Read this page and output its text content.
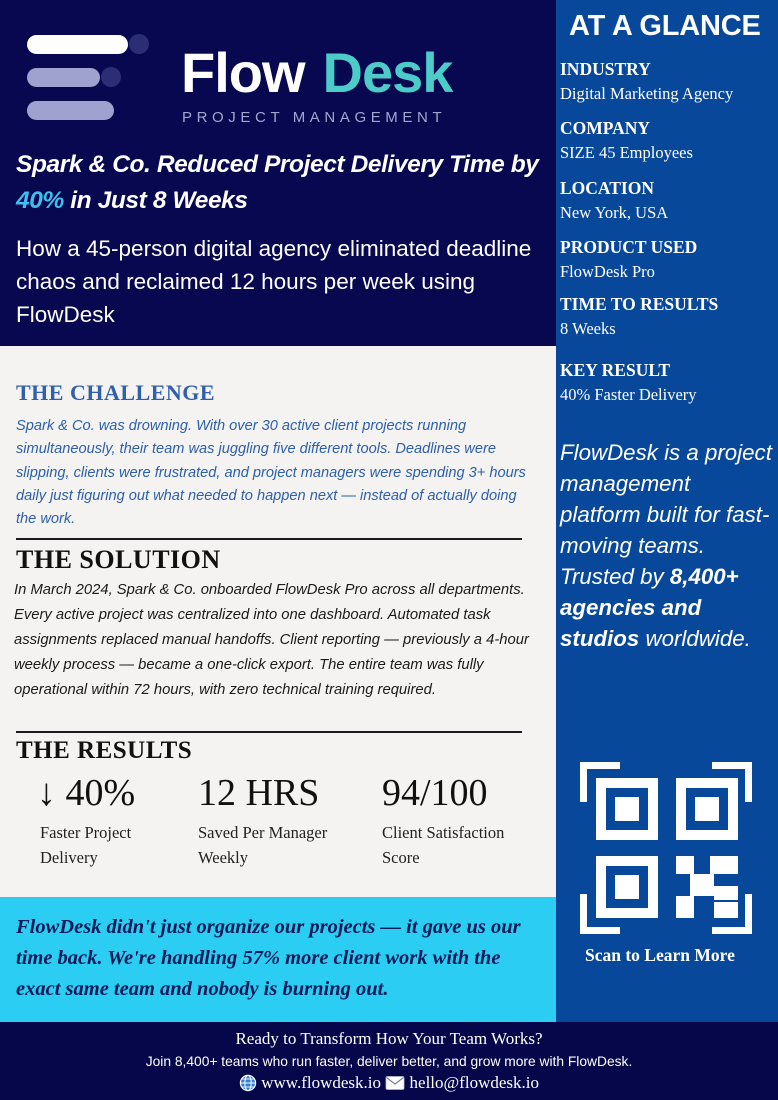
Flow Desk
PROJECT MANAGEMENT
Spark & Co. Reduced Project Delivery Time by 40% in Just 8 Weeks
How a 45-person digital agency eliminated deadline chaos and reclaimed 12 hours per week using FlowDesk
THE CHALLENGE
Spark & Co. was drowning. With over 30 active client projects running simultaneously, their team was juggling five different tools. Deadlines were slipping, clients were frustrated, and project managers were spending 3+ hours daily just figuring out what needed to happen next — instead of actually doing the work.
THE SOLUTION
In March 2024, Spark & Co. onboarded FlowDesk Pro across all departments. Every active project was centralized into one dashboard. Automated task assignments replaced manual handoffs. Client reporting — previously a 4-hour weekly process — became a one-click export. The entire team was fully operational within 72 hours, with zero technical training required.
THE RESULTS
↓ 40%
Faster Project Delivery
12 HRS
Saved Per Manager Weekly
94/100
Client Satisfaction Score
FlowDesk didn't just organize our projects — it gave us our time back. We're handling 57% more client work with the exact same team and nobody is burning out.
AT A GLANCE
INDUSTRY
Digital Marketing Agency
COMPANY
SIZE 45 Employees
LOCATION
New York, USA
PRODUCT USED
FlowDesk Pro
TIME TO RESULTS
8 Weeks
KEY RESULT
40% Faster Delivery
FlowDesk is a project management platform built for fast-moving teams. Trusted by 8,400+ agencies and studios worldwide.
Scan to Learn More
Ready to Transform How Your Team Works?
Join 8,400+ teams who run faster, deliver better, and grow more with FlowDesk.
www.flowdesk.io hello@flowdesk.io
